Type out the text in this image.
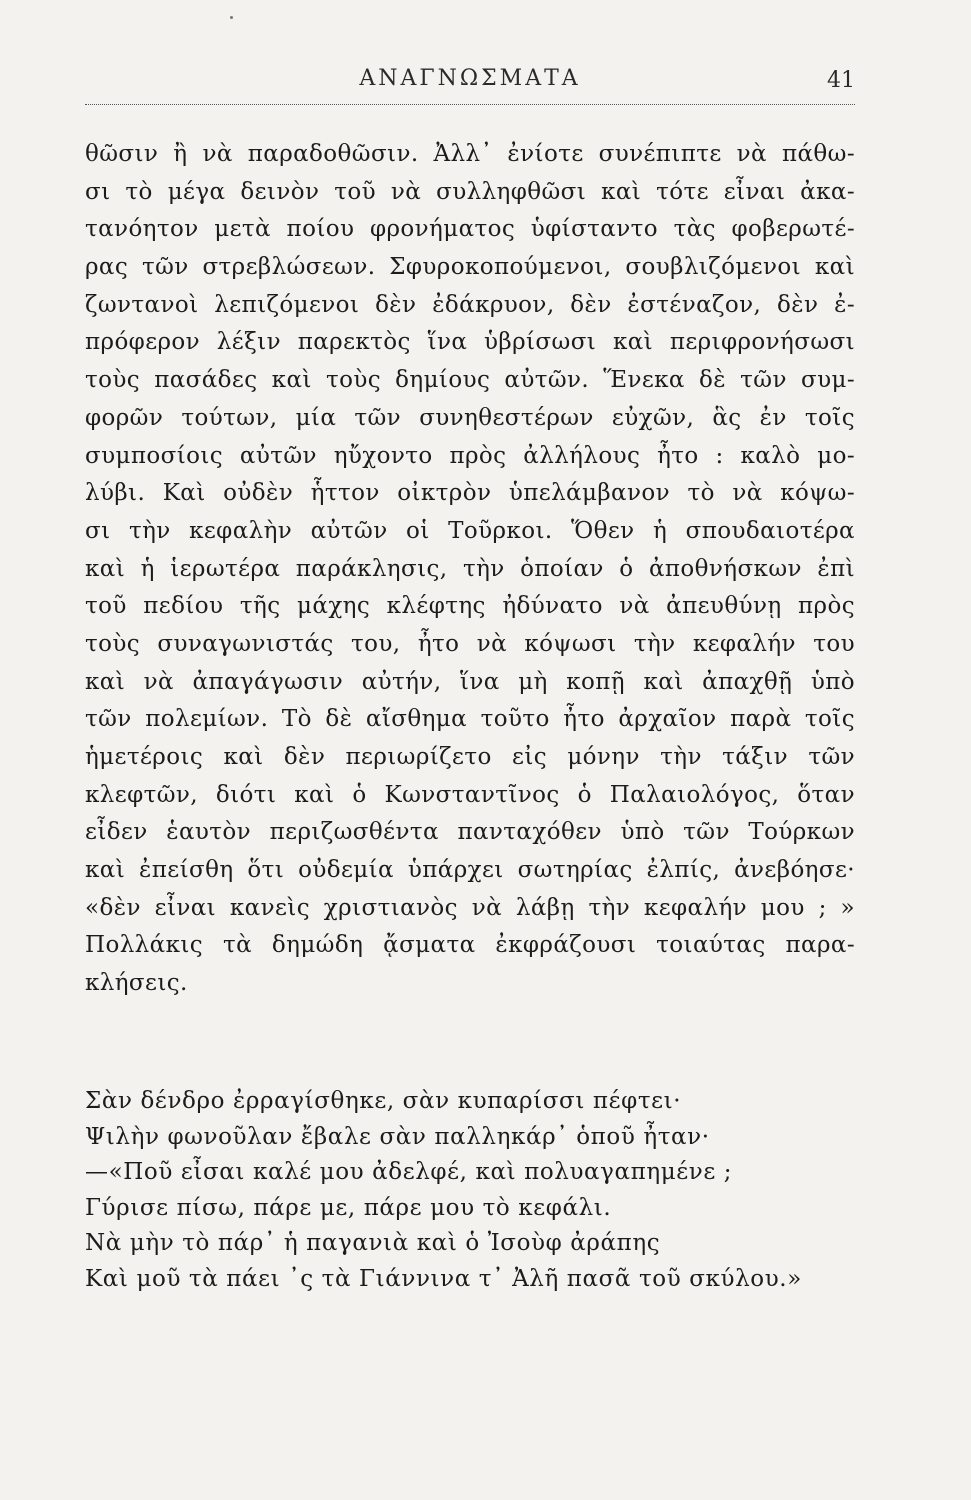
ΑΝΑΓΝΩΣΜΑΤΑ	41
θῶσιν ἢ νὰ παραδοθῶσιν. Ἀλλ᾽ ἐνίοτε συνέπιπτε νὰ πάθω-
σι τὸ μέγα δεινὸν τοῦ νὰ συλληφθῶσι καὶ τότε εἶναι ἀκα-
τανόητον μετὰ ποίου φρονήματος ὑφίσταντο τὰς φοβερωτέ-
ρας τῶν στρεβλώσεων. Σφυροκοπούμενοι, σουβλιζόμενοι καὶ
ζωντανοὶ λεπιζόμενοι δὲν ἐδάκρυον, δὲν ἐστέναζον, δὲν ἐ-
πρόφερον λέξιν παρεκτὸς ἵνα ὑβρίσωσι καὶ περιφρονήσωσι
τοὺς πασάδες καὶ τοὺς δημίους αὐτῶν. Ἕνεκα δὲ τῶν συμ-
φορῶν τούτων, μία τῶν συνηθεστέρων εὐχῶν, ἃς ἐν τοῖς
συμποσίοις αὐτῶν ηὔχοντο πρὸς ἀλλήλους ἦτο : καλὸ μο-
λύβι. Καὶ οὐδὲν ἧττον οἰκτρὸν ὑπελάμβανον τὸ νὰ κόψω-
σι τὴν κεφαλὴν αὐτῶν οἱ Τοῦρκοι. Ὅθεν ἡ σπουδαιοτέρα
καὶ ἡ ἱερωτέρα παράκλησις, τὴν ὁποίαν ὁ ἀποθνήσκων ἐπὶ
τοῦ πεδίου τῆς μάχης κλέφτης ἠδύνατο νὰ ἀπευθύνῃ πρὸς
τοὺς συναγωνιστάς του, ἦτο νὰ κόψωσι τὴν κεφαλήν του
καὶ νὰ ἀπαγάγωσιν αὐτήν, ἵνα μὴ κοπῇ καὶ ἀπαχθῇ ὑπὸ
τῶν πολεμίων. Τὸ δὲ αἴσθημα τοῦτο ἦτο ἀρχαῖον παρὰ τοῖς
ἡμετέροις καὶ δὲν περιωρίζετο εἰς μόνην τὴν τάξιν τῶν
κλεφτῶν, διότι καὶ ὁ Κωνσταντῖνος ὁ Παλαιολόγος, ὅταν
εἶδεν ἑαυτὸν περιζωσθέντα πανταχόθεν ὑπὸ τῶν Τούρκων
καὶ ἐπείσθη ὅτι οὐδεμία ὑπάρχει σωτηρίας ἐλπίς, ἀνεβόησε·
«δὲν εἶναι κανεὶς χριστιανὸς νὰ λάβῃ τὴν κεφαλήν μου ; »
Πολλάκις τὰ δημώδη ᾄσματα ἐκφράζουσι τοιαύτας παρα-
κλήσεις.
Σὰν δένδρο ἐρραγίσθηκε, σὰν κυπαρίσσι πέφτει·
Ψιλὴν φωνοῦλαν ἔβαλε σὰν παλληκάρ᾽ ὁποῦ ἦταν·
—«Ποῦ εἶσαι καλέ μου ἀδελφέ, καὶ πολυαγαπημένε ;
Γύρισε πίσω, πάρε με, πάρε μου τὸ κεφάλι.
Νὰ μὴν τὸ πάρ᾽ ἡ παγανιὰ καὶ ὁ Ἰσοὺφ ἀράπης
Καὶ μοῦ τὰ πάει ᾽ς τὰ Γιάννινα τ᾽ Ἀλῆ πασᾶ τοῦ σκύλου.»
